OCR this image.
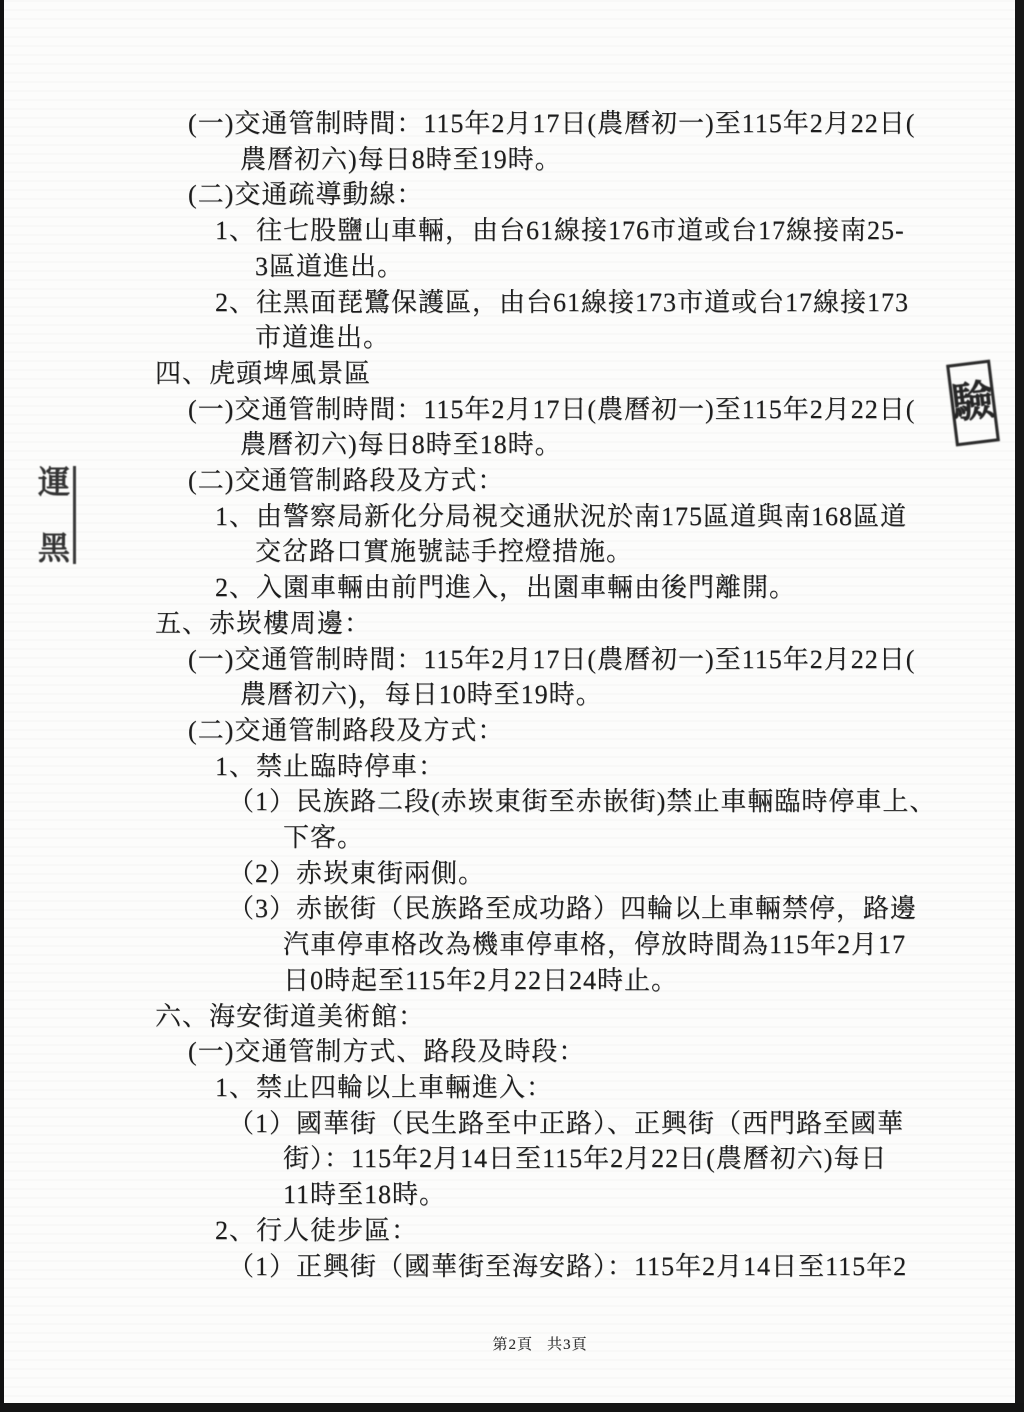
(一)交通管制時間：115年2月17日(農曆初一)至115年2月22日(
農曆初六)每日8時至19時。
(二)交通疏導動線：
1、往七股鹽山車輛，由台61線接176市道或台17線接南25-
3區道進出。
2、往黑面琵鷺保護區，由台61線接173市道或台17線接173
市道進出。
四、虎頭埤風景區
(一)交通管制時間：115年2月17日(農曆初一)至115年2月22日(
農曆初六)每日8時至18時。
(二)交通管制路段及方式：
1、由警察局新化分局視交通狀況於南175區道與南168區道
交岔路口實施號誌手控燈措施。
2、入園車輛由前門進入，出園車輛由後門離開。
五、赤崁樓周邊：
(一)交通管制時間：115年2月17日(農曆初一)至115年2月22日(
農曆初六)，每日10時至19時。
(二)交通管制路段及方式：
1、禁止臨時停車：
（1）民族路二段(赤崁東街至赤嵌街)禁止車輛臨時停車上、
下客。
（2）赤崁東街兩側。
（3）赤嵌街（民族路至成功路）四輪以上車輛禁停，路邊
汽車停車格改為機車停車格，停放時間為115年2月17
日0時起至115年2月22日24時止。
六、海安街道美術館：
(一)交通管制方式、路段及時段：
1、禁止四輪以上車輛進入：
（1）國華街（民生路至中正路）、正興街（西門路至國華
街）：115年2月14日至115年2月22日(農曆初六)每日
11時至18時。
2、行人徒步區：
（1）正興街（國華街至海安路）：115年2月14日至115年2
運
黑
驗
第2頁 共3頁
